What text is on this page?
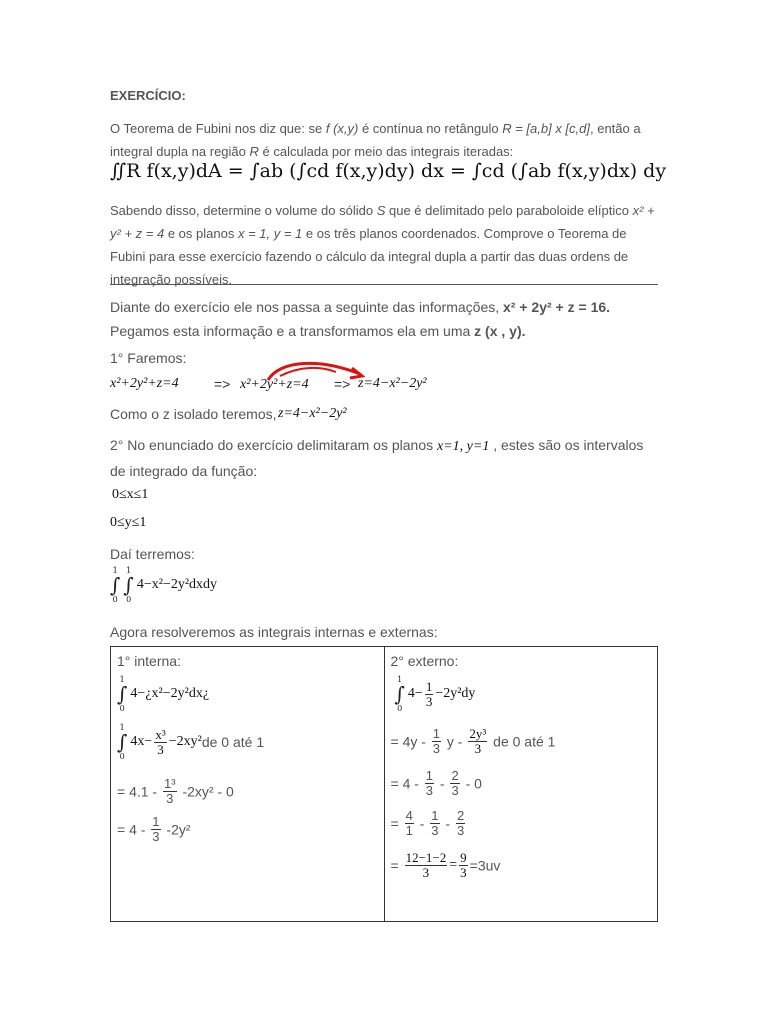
EXERCÍCIO:
O Teorema de Fubini nos diz que: se f (x,y) é contínua no retângulo R = [a,b] x [c,d], então a integral dupla na região R é calculada por meio das integrais iteradas:
∬R f(x,y)dA = ∫ab (∫cd f(x,y)dy) dx = ∫cd (∫ab f(x,y)dx) dy
Sabendo disso, determine o volume do sólido S que é delimitado pelo paraboloide elíptico x² + y² + z = 4 e os planos x = 1, y = 1 e os três planos coordenados. Comprove o Teorema de Fubini para esse exercício fazendo o cálculo da integral dupla a partir das duas ordens de integração possíveis.
Diante do exercício ele nos passa a seguinte das informações, x² + 2y² + z = 16. Pegamos esta informação e a transformamos ela em uma z (x , y).
1° Faremos:
x²+2y²+z=4	=> x²+2y²+z=4 => z=4−x²−2y²
Como o z isolado teremos, z=4−x²−2y²
2° No enunciado do exercício delimitaram os planos x=1, y=1 , estes são os intervalos de integrado da função:
0≤x≤1
0≤y≤1
Daí terremos:
1
∫
0
1
∫
0
4−x²−2y²dxdy
Agora resolveremos as integrais internas e externas:
1° interna:
1
∫
0
4−¿x²−2y²dx¿
1
∫
0
$4x- \frac{\text{x³}}{3} -2xy^2de$ 0 até 1
= $4.1 - \frac{\text{1³}}{3} -2xy^2 - 0$
= $4 - \frac{1}{3} -2y^2$

2° externo:
1
∫
0
$4- \frac{1}{3} -2y^2dy$
= $4y - \frac{1}{3}$ y - $\frac{\text{2y³}}{3}$ de 0 até 1
= $4 - \frac{1}{3} - \frac{2}{3} - 0$
= $\frac{4}{1} - \frac{1}{3} - \frac{2}{3}$
= $\frac{12-1-2}{3} = \frac{9}{3} =3uv$
